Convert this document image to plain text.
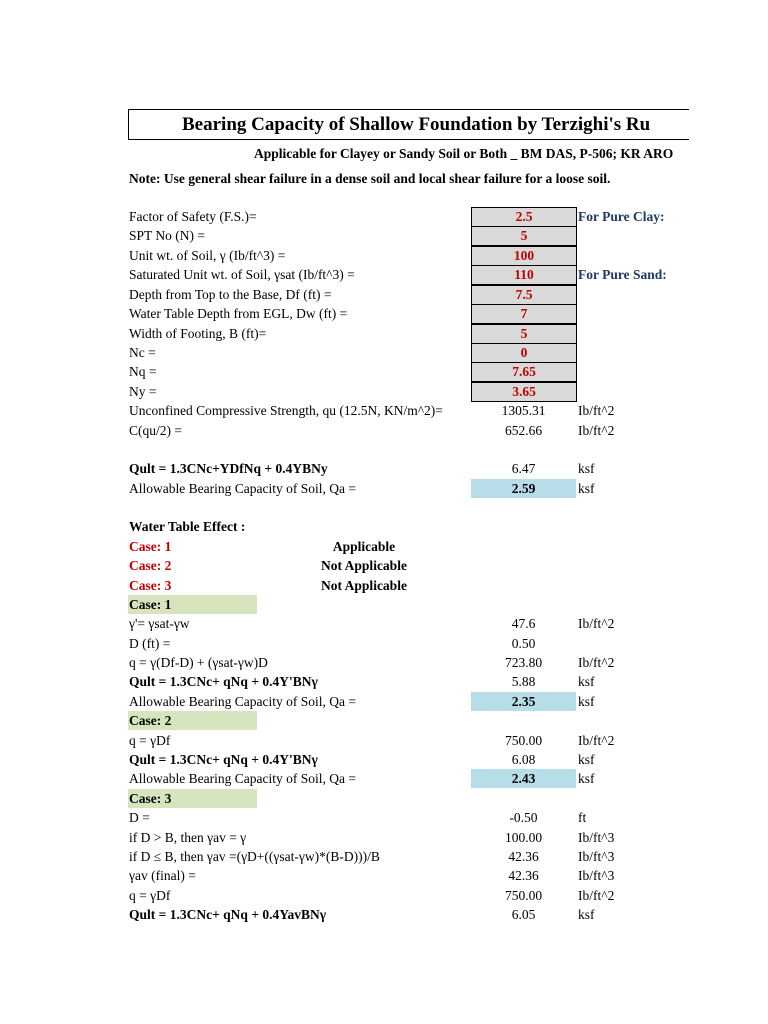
Bearing Capacity of Shallow Foundation by Terzighi's Ru
Applicable for Clayey or Sandy Soil or Both _ BM DAS, P-506; KR ARO
Note: Use general shear failure in a dense soil and local shear failure for a loose soil.
Factor of Safety (F.S.)=	2.5	For Pure Clay:
SPT No (N) =	5
Unit wt. of Soil, γ (Ib/ft^3) =	100
Saturated Unit wt. of Soil, γsat (Ib/ft^3) =	110	For Pure Sand:
Depth from Top to the Base, Df (ft) =	7.5
Water Table Depth from EGL, Dw (ft) =	7
Width of Footing, B (ft)=	5
Nc =	0
Nq =	7.65
Ny =	3.65
Unconfined Compressive Strength, qu (12.5N, KN/m^2)=	1305.31	Ib/ft^2
C(qu/2) =	652.66	Ib/ft^2
Qult = 1.3CNc+YDfNq + 0.4YBNy	6.47	ksf
Allowable Bearing Capacity of Soil, Qa =	2.59	ksf
Water Table Effect :
Case: 1	Applicable
Case: 2	Not Applicable
Case: 3	Not Applicable
Case: 1
γ'= γsat-γw	47.6	Ib/ft^2
D (ft) =	0.50
q = γ(Df-D) + (γsat-γw)D	723.80	Ib/ft^2
Qult = 1.3CNc+ qNq + 0.4Y'BNγ	5.88	ksf
Allowable Bearing Capacity of Soil, Qa =	2.35	ksf
Case: 2
q = γDf	750.00	Ib/ft^2
Qult = 1.3CNc+ qNq + 0.4Y'BNγ	6.08	ksf
Allowable Bearing Capacity of Soil, Qa =	2.43	ksf
Case: 3
D =	-0.50	ft
if D > B, then γav = γ	100.00	Ib/ft^3
if D ≤ B, then γav =(γD+((γsat-γw)*(B-D)))/B	42.36	Ib/ft^3
γav (final) =	42.36	Ib/ft^3
q = γDf	750.00	Ib/ft^2
Qult = 1.3CNc+ qNq + 0.4YavBNγ	6.05	ksf
